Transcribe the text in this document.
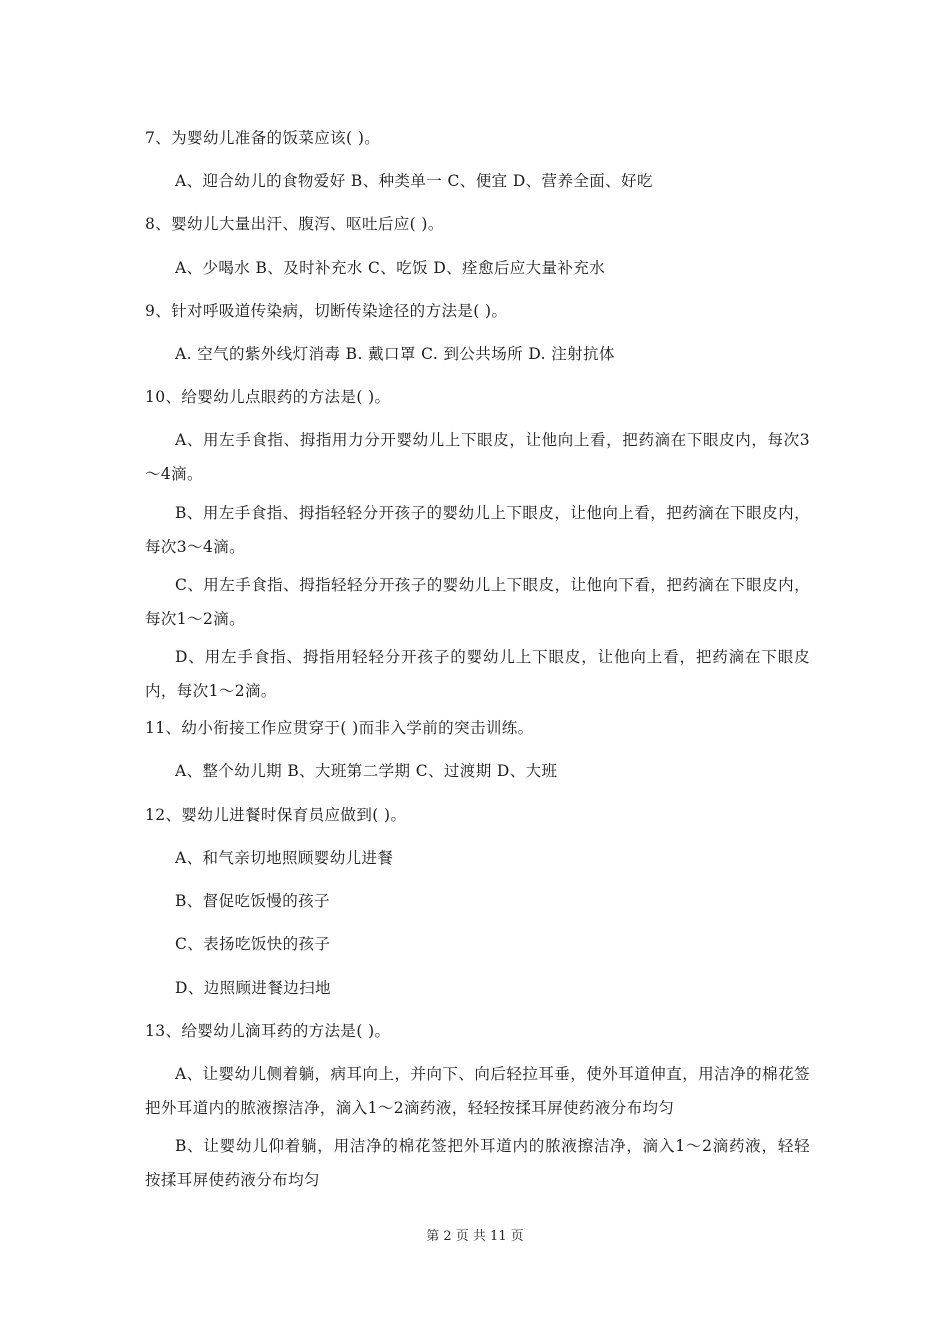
7、为婴幼儿准备的饭菜应该( )。
A、迎合幼儿的食物爱好 B、种类单一 C、便宜 D、营养全面、好吃
8、婴幼儿大量出汗、腹泻、呕吐后应( )。
A、少喝水 B、及时补充水 C、吃饭 D、痊愈后应大量补充水
9、针对呼吸道传染病，切断传染途径的方法是( )。
A. 空气的紫外线灯消毒 B. 戴口罩 C. 到公共场所 D. 注射抗体
10、给婴幼儿点眼药的方法是( )。
A、用左手食指、拇指用力分开婴幼儿上下眼皮，让他向上看，把药滴在下眼皮内，每次3～4滴。
B、用左手食指、拇指轻轻分开孩子的婴幼儿上下眼皮，让他向上看，把药滴在下眼皮内，每次3～4滴。
C、用左手食指、拇指轻轻分开孩子的婴幼儿上下眼皮，让他向下看，把药滴在下眼皮内，每次1～2滴。
D、用左手食指、拇指用轻轻分开孩子的婴幼儿上下眼皮，让他向上看，把药滴在下眼皮内，每次1～2滴。
11、幼小衔接工作应贯穿于( )而非入学前的突击训练。
A、整个幼儿期 B、大班第二学期 C、过渡期 D、大班
12、婴幼儿进餐时保育员应做到( )。
A、和气亲切地照顾婴幼儿进餐
B、督促吃饭慢的孩子
C、表扬吃饭快的孩子
D、边照顾进餐边扫地
13、给婴幼儿滴耳药的方法是( )。
A、让婴幼儿侧着躺，病耳向上，并向下、向后轻拉耳垂，使外耳道伸直，用洁净的棉花签把外耳道内的脓液擦洁净，滴入1～2滴药液，轻轻按揉耳屏使药液分布均匀
B、让婴幼儿仰着躺，用洁净的棉花签把外耳道内的脓液擦洁净，滴入1～2滴药液，轻轻按揉耳屏使药液分布均匀
第 2 页 共 11 页
